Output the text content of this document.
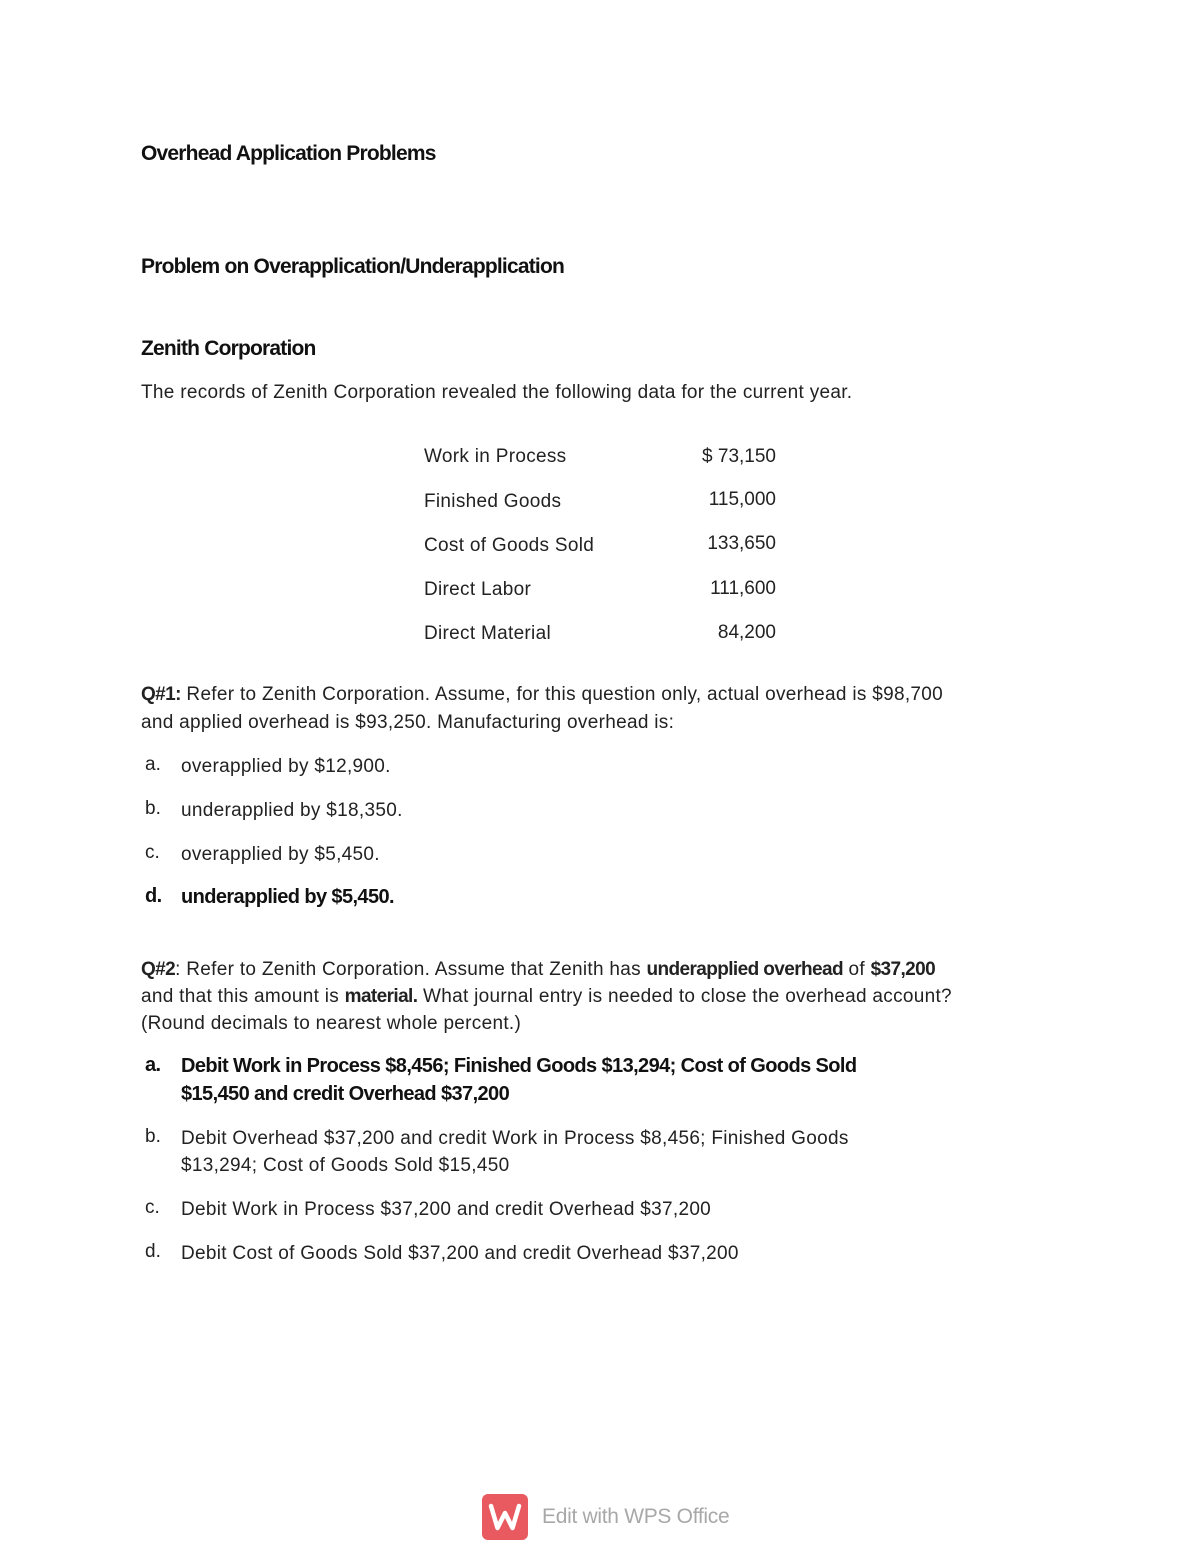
Overhead Application Problems
Problem on Overapplication/Underapplication
Zenith Corporation
The records of Zenith Corporation revealed the following data for the current year.
Work in Process	$ 73,150
Finished Goods	115,000
Cost of Goods Sold	133,650
Direct Labor	111,600
Direct Material	84,200
Q#1: Refer to Zenith Corporation. Assume, for this question only, actual overhead is $98,700
and applied overhead is $93,250. Manufacturing overhead is:
a. overapplied by $12,900.
b. underapplied by $18,350.
c. overapplied by $5,450.
d. underapplied by $5,450.
Q#2: Refer to Zenith Corporation. Assume that Zenith has underapplied overhead of $37,200
and that this amount is material. What journal entry is needed to close the overhead account?
(Round decimals to nearest whole percent.)
a. Debit Work in Process $8,456; Finished Goods $13,294; Cost of Goods Sold
$15,450 and credit Overhead $37,200
b. Debit Overhead $37,200 and credit Work in Process $8,456; Finished Goods
$13,294; Cost of Goods Sold $15,450
c. Debit Work in Process $37,200 and credit Overhead $37,200
d. Debit Cost of Goods Sold $37,200 and credit Overhead $37,200
Edit with WPS Office
